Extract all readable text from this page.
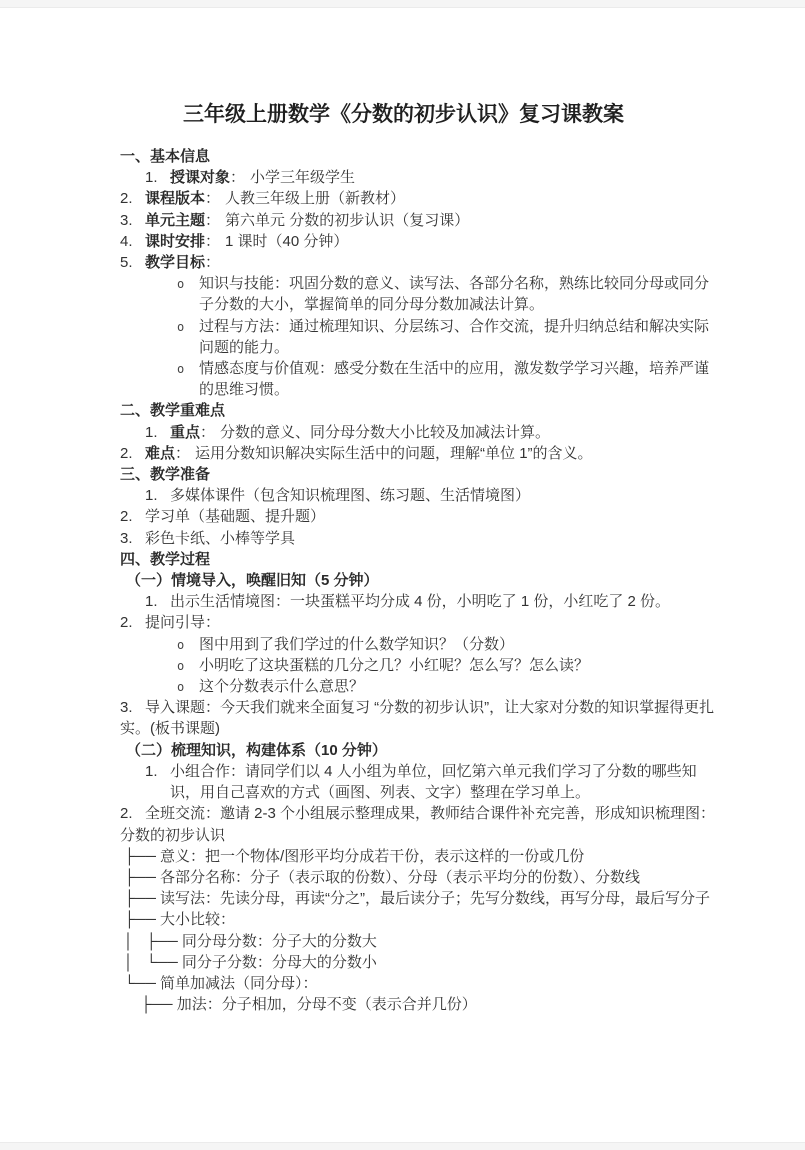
三年级上册数学《分数的初步认识》复习课教案
一、基本信息
1. 授课对象： 小学三年级学生
2. 课程版本： 人教三年级上册（新教材）
3. 单元主题： 第六单元 分数的初步认识（复习课）
4. 课时安排： 1 课时（40 分钟）
5. 教学目标：
o 知识与技能：巩固分数的意义、读写法、各部分名称，熟练比较同分母或同分子分数的大小，掌握简单的同分母分数加减法计算。
o 过程与方法：通过梳理知识、分层练习、合作交流，提升归纳总结和解决实际问题的能力。
o 情感态度与价值观：感受分数在生活中的应用，激发数学学习兴趣，培养严谨的思维习惯。
二、教学重难点
1. 重点： 分数的意义、同分母分数大小比较及加减法计算。
2. 难点： 运用分数知识解决实际生活中的问题，理解“单位 1”的含义。
三、教学准备
1. 多媒体课件（包含知识梳理图、练习题、生活情境图）
2. 学习单（基础题、提升题）
3. 彩色卡纸、小棒等学具
四、教学过程
（一）情境导入，唤醒旧知（5 分钟）
1. 出示生活情境图：一块蛋糕平均分成 4 份，小明吃了 1 份，小红吃了 2 份。
2. 提问引导：
o 图中用到了我们学过的什么数学知识？（分数）
o 小明吃了这块蛋糕的几分之几？小红呢？怎么写？怎么读？
o 这个分数表示什么意思？
3. 导入课题：今天我们就来全面复习 “分数的初步认识”，让大家对分数的知识掌握得更扎实。(板书课题)
（二）梳理知识，构建体系（10 分钟）
1. 小组合作：请同学们以 4 人小组为单位，回忆第六单元我们学习了分数的哪些知识，用自己喜欢的方式（画图、列表、文字）整理在学习单上。
2. 全班交流：邀请 2-3 个小组展示整理成果，教师结合课件补充完善，形成知识梳理图：
分数的初步认识
├── 意义：把一个物体/图形平均分成若干份，表示这样的一份或几份
├── 各部分名称：分子（表示取的份数）、分母（表示平均分的份数）、分数线
├── 读写法：先读分母，再读“分之”，最后读分子；先写分数线，再写分母，最后写分子
├── 大小比较：
│   ├── 同分母分数：分子大的分数大
│   └── 同分子分数：分母大的分数小
└── 简单加减法（同分母）：
├── 加法：分子相加，分母不变（表示合并几份）
